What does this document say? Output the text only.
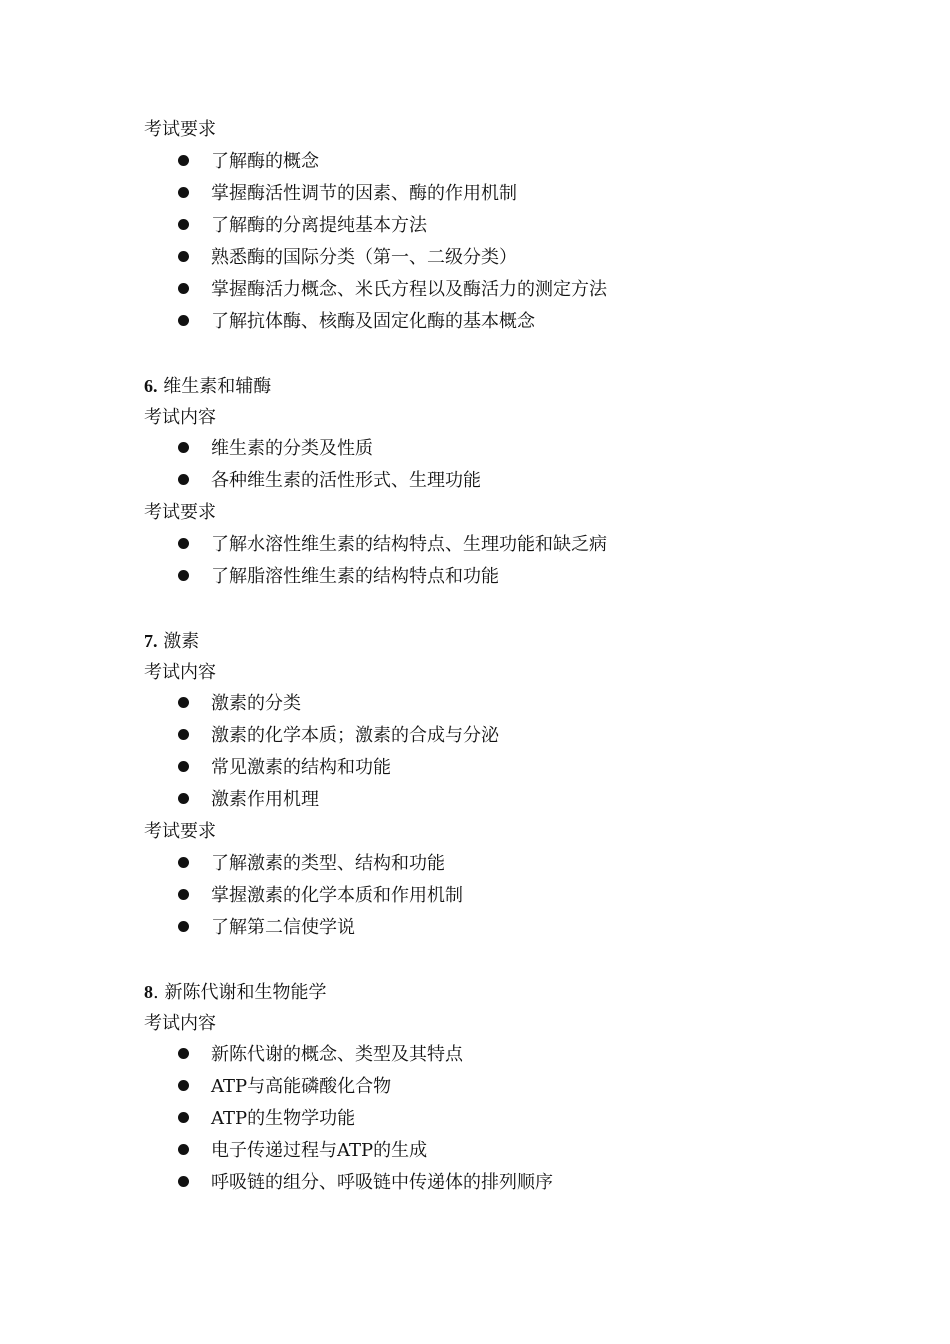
考试要求
了解酶的概念
掌握酶活性调节的因素、酶的作用机制
了解酶的分离提纯基本方法
熟悉酶的国际分类（第一、二级分类）
掌握酶活力概念、米氏方程以及酶活力的测定方法
了解抗体酶、核酶及固定化酶的基本概念
6. 维生素和辅酶
考试内容
维生素的分类及性质
各种维生素的活性形式、生理功能
考试要求
了解水溶性维生素的结构特点、生理功能和缺乏病
了解脂溶性维生素的结构特点和功能
7. 激素
考试内容
激素的分类
激素的化学本质；激素的合成与分泌
常见激素的结构和功能
激素作用机理
考试要求
了解激素的类型、结构和功能
掌握激素的化学本质和作用机制
了解第二信使学说
8. 新陈代谢和生物能学
考试内容
新陈代谢的概念、类型及其特点
ATP与高能磷酸化合物
ATP的生物学功能
电子传递过程与ATP的生成
呼吸链的组分、呼吸链中传递体的排列顺序
